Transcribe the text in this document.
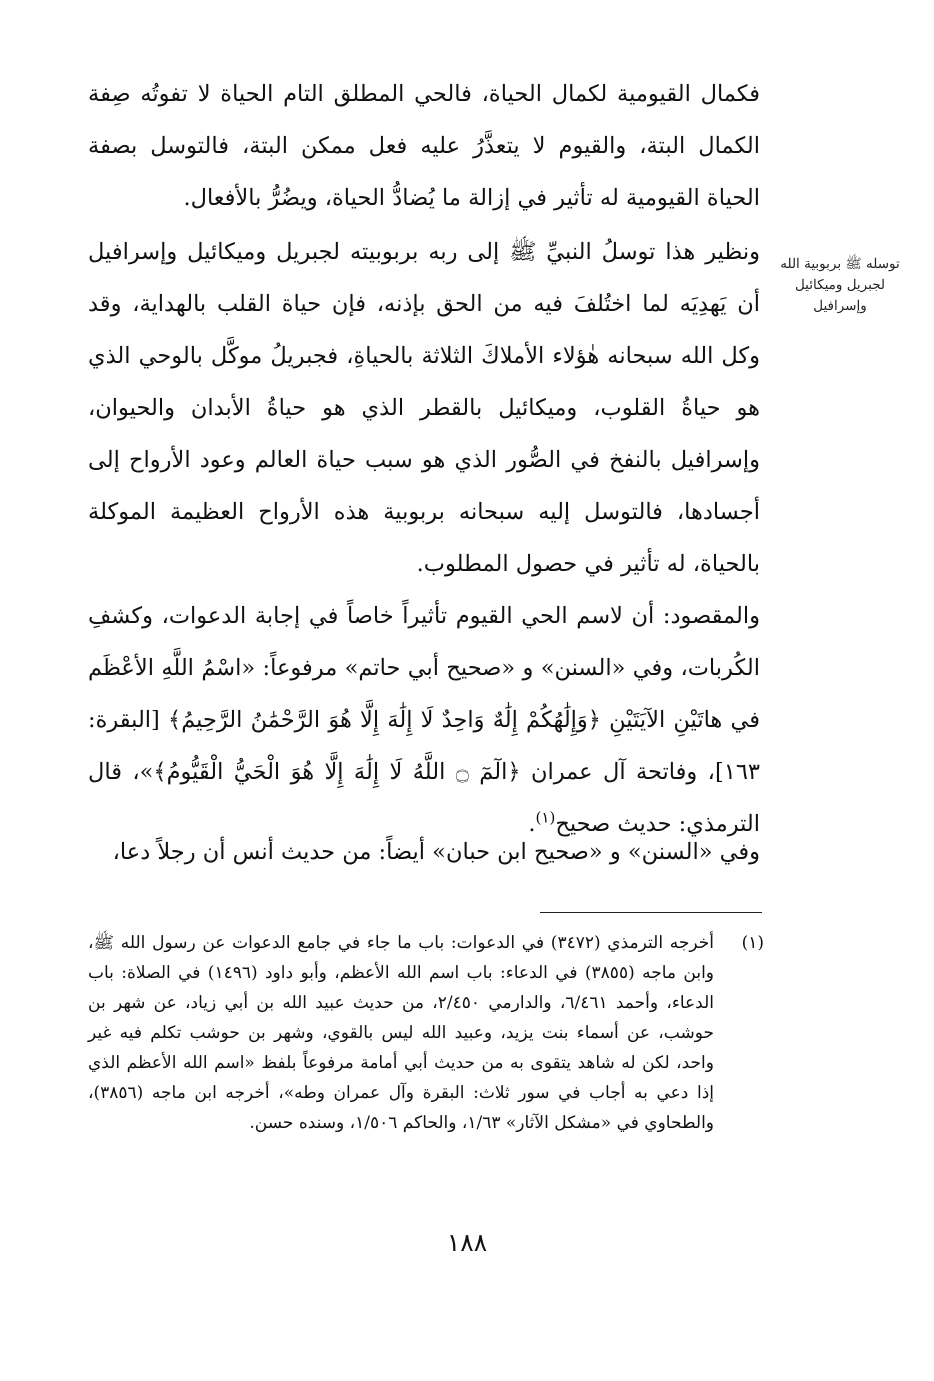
توسله ﷺ بربوبية الله لجبريل وميكائيل وإسرافيل

فكمال القيومية لكمال الحياة، فالحي المطلق التام الحياة لا تفوتُه صِفة الكمال البتة، والقيوم لا يتعذَّرُ عليه فعل ممكن البتة، فالتوسل بصفة الحياة القيومية له تأثير في إزالة ما يُضادُّ الحياة، ويضُرُّ بالأفعال.

ونظير هذا توسلُ النبيِّ ﷺ إلى ربه بربوبيته لجبريل وميكائيل وإسرافيل أن يَهدِيَه لما اختُلفَ فيه من الحق بإذنه، فإن حياة القلب بالهداية، وقد وكل الله سبحانه هٰؤلاء الأملاكَ الثلاثة بالحياةِ، فجبريلُ موكَّل بالوحي الذي هو حياةُ القلوب، وميكائيل بالقطر الذي هو حياةُ الأبدان والحيوان، وإسرافيل بالنفخ في الصُّور الذي هو سبب حياة العالم وعود الأرواح إلى أجسادها، فالتوسل إليه سبحانه بربوبية هذه الأرواح العظيمة الموكلة بالحياة، له تأثير في حصول المطلوب.

والمقصود: أن لاسم الحي القيوم تأثيراً خاصاً في إجابة الدعوات، وكشفِ الكُربات، وفي «السنن» و «صحيح أبي حاتم» مرفوعاً: «اسْمُ اللَّهِ الأعْظَم في هاتَيْنِ الآيَتَيْنِ ﴿وَإِلَٰهُكُمْ إِلَٰهٌ وَاحِدٌ لَا إِلَٰهَ إِلَّا هُوَ الرَّحْمَٰنُ الرَّحِيمُ﴾ [البقرة: ١٦٣]، وفاتحة آل عمران ﴿الٓمٓ ۝ اللَّهُ لَا إِلَٰهَ إِلَّا هُوَ الْحَيُّ الْقَيُّومُ﴾»، قال الترمذي: حديث صحيح$^{(١)}$.

وفي «السنن» و «صحيح ابن حبان» أيضاً: من حديث أنس أن رجلاً دعا،

(١)
أخرجه الترمذي (٣٤٧٢) في الدعوات: باب ما جاء في جامع الدعوات عن رسول الله ﷺ، وابن ماجه (٣٨٥٥) في الدعاء: باب اسم الله الأعظم، وأبو داود (١٤٩٦) في الصلاة: باب الدعاء، وأحمد ٦/٤٦١، والدارمي ٢/٤٥٠، من حديث عبيد الله بن أبي زياد، عن شهر بن حوشب، عن أسماء بنت يزيد، وعبيد الله ليس بالقوي، وشهر بن حوشب تكلم فيه غير واحد، لكن له شاهد يتقوى به من حديث أبي أمامة مرفوعاً بلفظ «اسم الله الأعظم الذي إذا دعي به أجاب في سور ثلاث: البقرة وآل عمران وطه»، أخرجه ابن ماجه (٣٨٥٦)، والطحاوي في «مشكل الآثار» ١/٦٣، والحاكم ١/٥٠٦، وسنده حسن.
١٨٨
